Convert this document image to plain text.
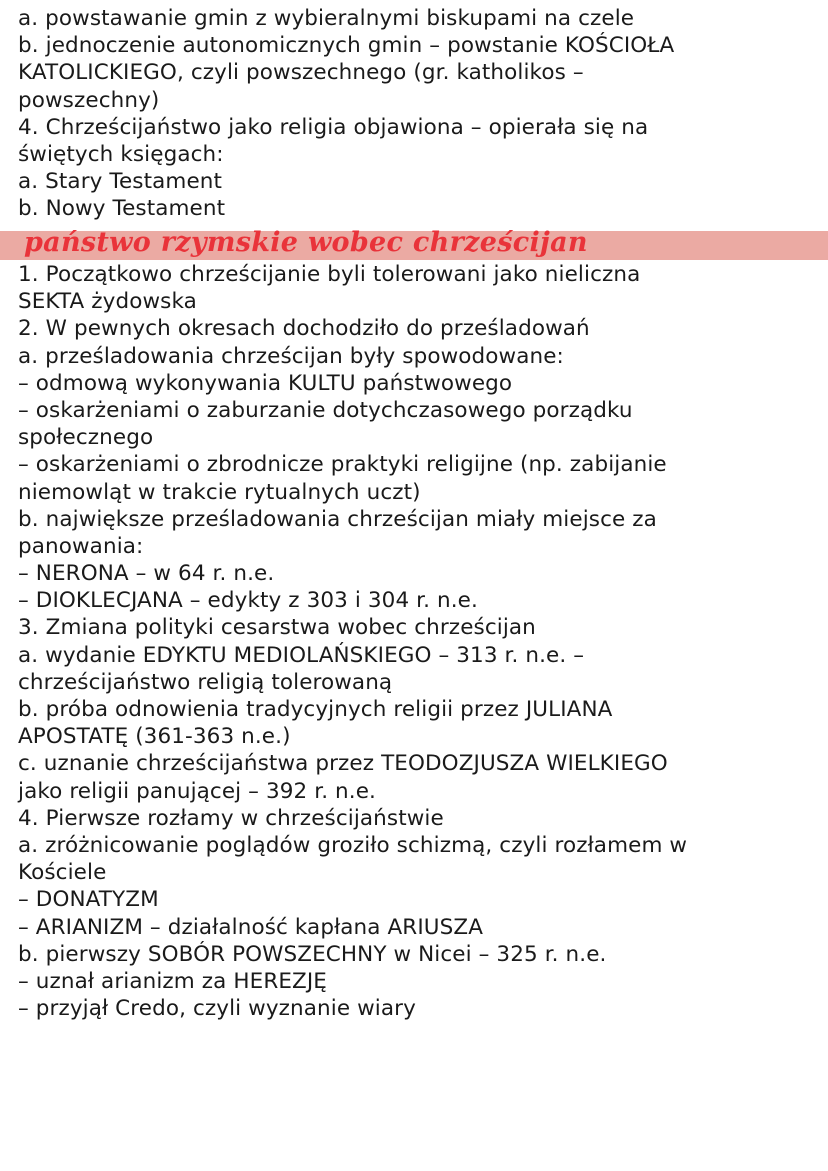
a. powstawanie gmin z wybieralnymi biskupami na czele
b. jednoczenie autonomicznych gmin – powstanie KOŚCIOŁA
KATOLICKIEGO, czyli powszechnego (gr. katholikos –
powszechny)
4. Chrześcijaństwo jako religia objawiona – opierała się na
świętych księgach:
a. Stary Testament
b. Nowy Testament
państwo rzymskie wobec chrześcijan
1. Początkowo chrześcijanie byli tolerowani jako nieliczna
SEKTA żydowska
2. W pewnych okresach dochodziło do prześladowań
a. prześladowania chrześcijan były spowodowane:
– odmową wykonywania KULTU państwowego
– oskarżeniami o zaburzanie dotychczasowego porządku
społecznego
– oskarżeniami o zbrodnicze praktyki religijne (np. zabijanie
niemowląt w trakcie rytualnych uczt)
b. największe prześladowania chrześcijan miały miejsce za
panowania:
– NERONA – w 64 r. n.e.
– DIOKLECJANA – edykty z 303 i 304 r. n.e.
3. Zmiana polityki cesarstwa wobec chrześcijan
a. wydanie EDYKTU MEDIOLAŃSKIEGO – 313 r. n.e. –
chrześcijaństwo religią tolerowaną
b. próba odnowienia tradycyjnych religii przez JULIANA
APOSTATĘ (361-363 n.e.)
c. uznanie chrześcijaństwa przez TEODOZJUSZA WIELKIEGO
jako religii panującej – 392 r. n.e.
4. Pierwsze rozłamy w chrześcijaństwie
a. zróżnicowanie poglądów groziło schizmą, czyli rozłamem w
Kościele
– DONATYZM
– ARIANIZM – działalność kapłana ARIUSZA
b. pierwszy SOBÓR POWSZECHNY w Nicei – 325 r. n.e.
– uznał arianizm za HEREZJĘ
– przyjął Credo, czyli wyznanie wiary
